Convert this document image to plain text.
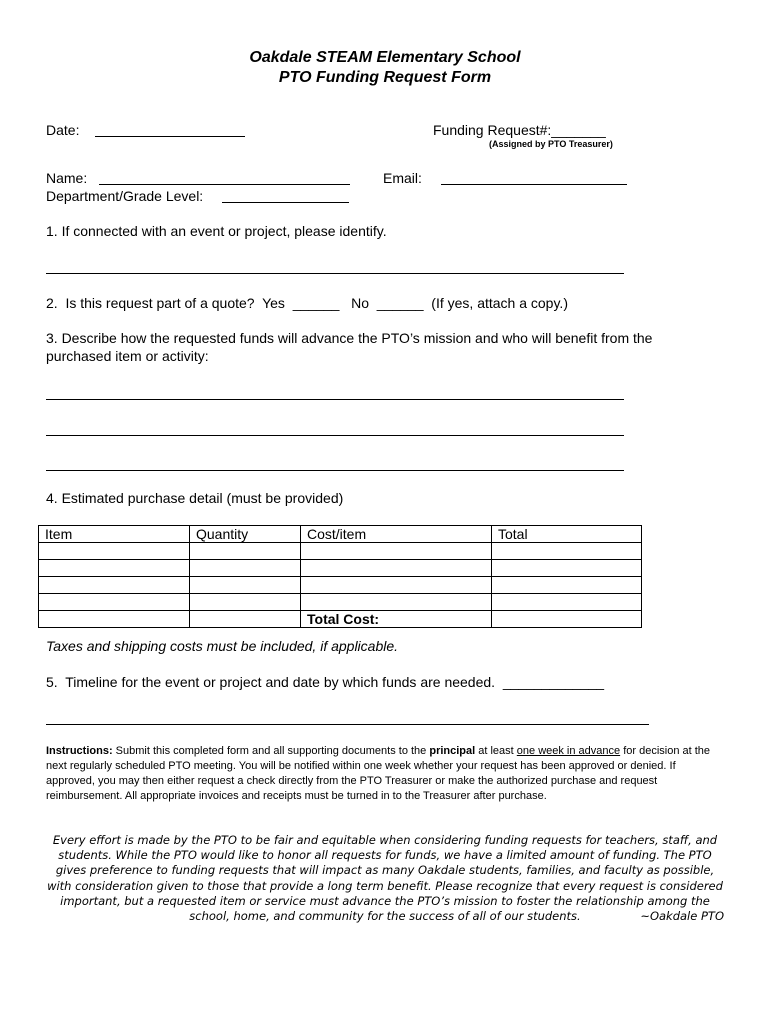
Oakdale STEAM Elementary School
PTO Funding Request Form
Date:	Funding Request#:_______
(Assigned by PTO Treasurer)
Name:	Email:
Department/Grade Level:
1. If connected with an event or project, please identify.
2.  Is this request part of a quote?  Yes ______ No ______ (If yes, attach a copy.)
3. Describe how the requested funds will advance the PTO’s mission and who will benefit from the
purchased item or activity:
4. Estimated purchase detail (must be provided)
Item	Quantity	Cost/item	Total

		Total Cost:	
Taxes and shipping costs must be included, if applicable.
5.  Timeline for the event or project and date by which funds are needed. _____________
Instructions: Submit this completed form and all supporting documents to the principal at least one week in advance for decision at the next regularly scheduled PTO meeting. You will be notified within one week whether your request has been approved or denied. If approved, you may then either request a check directly from the PTO Treasurer or make the authorized purchase and request reimbursement. All appropriate invoices and receipts must be turned in to the Treasurer after purchase.
Every effort is made by the PTO to be fair and equitable when considering funding requests for teachers, staff, and students. While the PTO would like to honor all requests for funds, we have a limited amount of funding. The PTO gives preference to funding requests that will impact as many Oakdale students, families, and faculty as possible, with consideration given to those that provide a long term benefit. Please recognize that every request is considered important, but a requested item or service must advance the PTO’s mission to foster the relationship among the school, home, and community for the success of all of our students.	~Oakdale PTO
